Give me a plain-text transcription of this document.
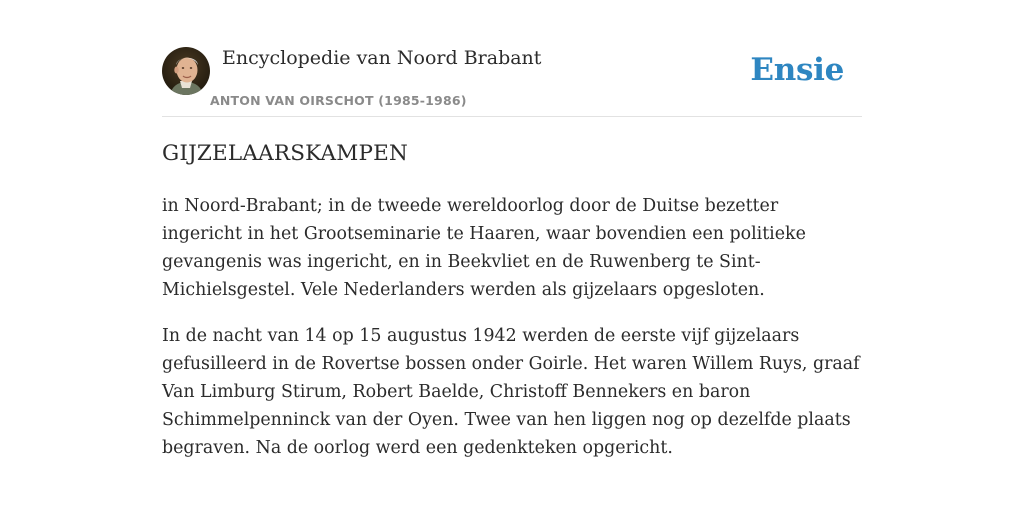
Encyclopedie van Noord Brabant
ANTON VAN OIRSCHOT (1985-1986)
Ensie
GIJZELAARSKAMPEN

in Noord-Brabant; in de tweede wereldoorlog door de Duitse bezetter ingericht in het Grootseminarie te Haaren, waar bovendien een politieke gevangenis was ingericht, en in Beekvliet en de Ruwenberg te Sint-Michielsgestel. Vele Nederlanders werden als gijzelaars opgesloten.

In de nacht van 14 op 15 augustus 1942 werden de eerste vijf gijzelaars gefusilleerd in de Rovertse bossen onder Goirle. Het waren Willem Ruys, graaf Van Limburg Stirum, Robert Baelde, Christoff Bennekers en baron Schimmelpenninck van der Oyen. Twee van hen liggen nog op dezelfde plaats begraven. Na de oorlog werd een gedenkteken opgericht.
